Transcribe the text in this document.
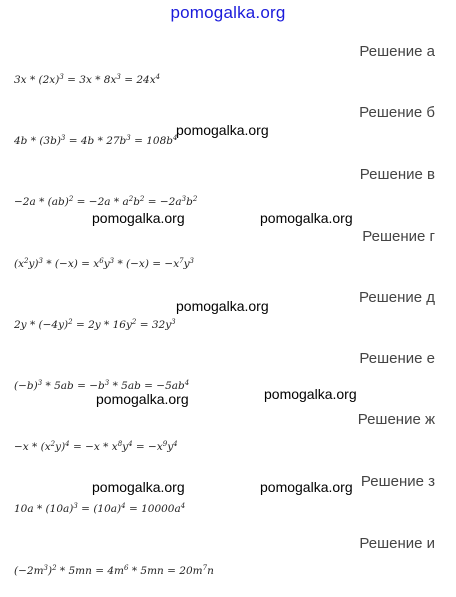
pomogalka.org
Решение а
$3x * (2x)^3 = 3x * 8x^3 = 24x^4$
Решение б
$4b * (3b)^3 = 4b * 27b^3 = 108b^4$
Решение в
$-2a * (ab)^2 = -2a * a^2b^2 = -2a^3b^2$
Решение г
$(x^2y)^3 * (-x) = x^6y^3 * (-x) = -x^7y^3$
Решение д
$2y * (-4y)^2 = 2y * 16y^2 = 32y^3$
Решение е
$(-b)^3 * 5ab = -b^3 * 5ab = -5ab^4$
Решение ж
$-x * (x^2y)^4 = -x * x^8y^4 = -x^9y^4$
Решение з
$10a * (10a)^3 = (10a)^4 = 10000a^4$
Решение и
$(-2m^3)^2 * 5mn = 4m^6 * 5mn = 20m^7n$
pomogalka.org
pomogalka.org	pomogalka.org
pomogalka.org
pomogalka.org	pomogalka.org
pomogalka.org	pomogalka.org
